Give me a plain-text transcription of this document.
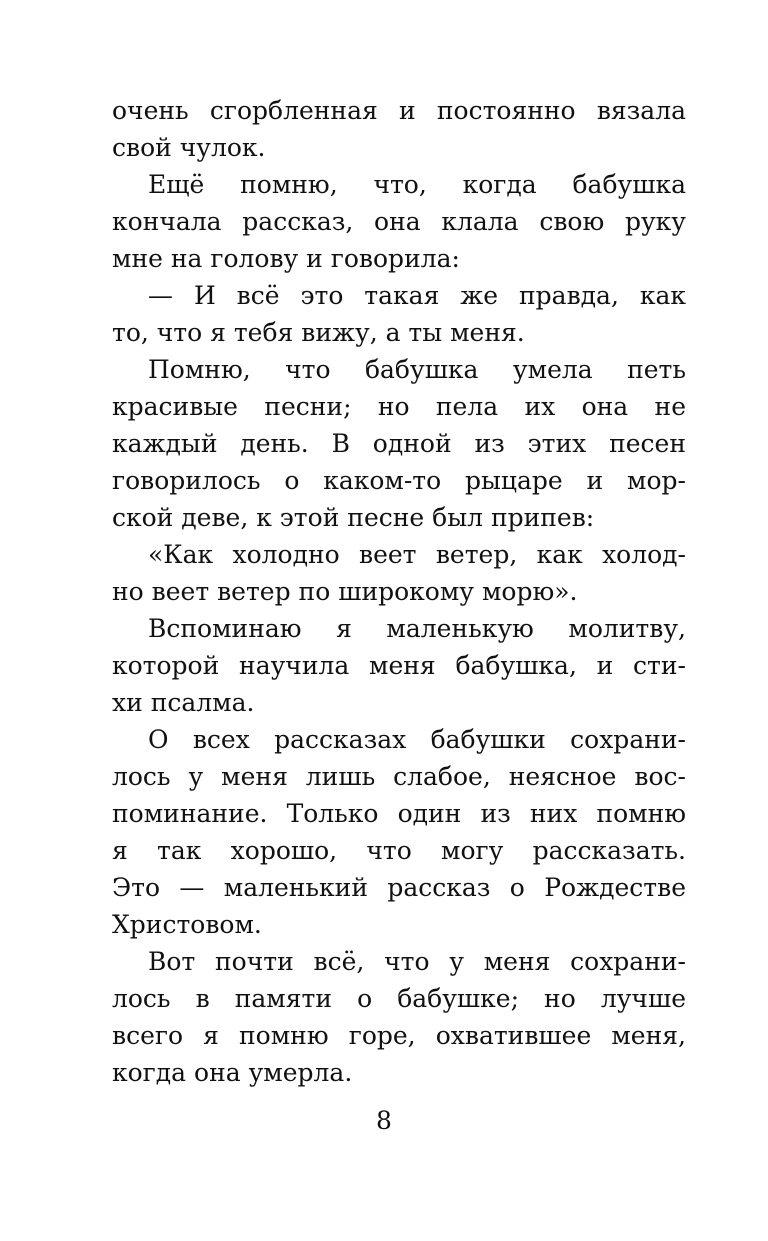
очень сгорбленная и постоянно вязала
свой чулок.
Ещё помню, что, когда бабушка
кончала рассказ, она клала свою руку
мне на голову и говорила:
— И всё это такая же правда, как
то, что я тебя вижу, а ты меня.
Помню, что бабушка умела петь
красивые песни; но пела их она не
каждый день. В одной из этих песен
говорилось о каком-то рыцаре и мор-
ской деве, к этой песне был припев:
«Как холодно веет ветер, как холод-
но веет ветер по широкому морю».
Вспоминаю я маленькую молитву,
которой научила меня бабушка, и сти-
хи псалма.
О всех рассказах бабушки сохрани-
лось у меня лишь слабое, неясное вос-
поминание. Только один из них помню
я так хорошо, что могу рассказать.
Это — маленький рассказ о Рождестве
Христовом.
Вот почти всё, что у меня сохрани-
лось в памяти о бабушке; но лучше
всего я помню горе, охватившее меня,
когда она умерла.
8
